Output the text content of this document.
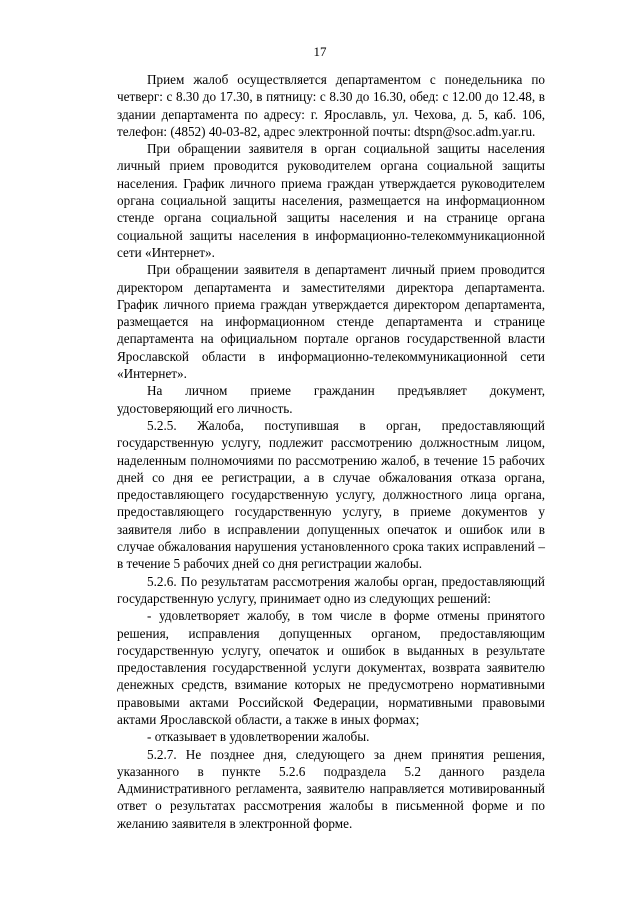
17

Прием жалоб осуществляется департаментом с понедельника по четверг: с 8.30 до 17.30, в пятницу: с 8.30 до 16.30, обед: с 12.00 до 12.48, в здании департамента по адресу: г. Ярославль, ул. Чехова, д. 5, каб. 106, телефон: (4852) 40-03-82, адрес электронной почты: dtspn@soc.adm.yar.ru.

При обращении заявителя в орган социальной защиты населения личный прием проводится руководителем органа социальной защиты населения. График личного приема граждан утверждается руководителем органа социальной защиты населения, размещается на информационном стенде органа социальной защиты населения и на странице органа социальной защиты населения в информационно-телекоммуникационной сети «Интернет».

При обращении заявителя в департамент личный прием проводится директором департамента и заместителями директора департамента. График личного приема граждан утверждается директором департамента, размещается на информационном стенде департамента и странице департамента на официальном портале органов государственной власти Ярославской области в информационно-телекоммуникационной сети «Интернет».

На личном приеме гражданин предъявляет документ, удостоверяющий его личность.

5.2.5. Жалоба, поступившая в орган, предоставляющий государственную услугу, подлежит рассмотрению должностным лицом, наделенным полномочиями по рассмотрению жалоб, в течение 15 рабочих дней со дня ее регистрации, а в случае обжалования отказа органа, предоставляющего государственную услугу, должностного лица органа, предоставляющего государственную услугу, в приеме документов у заявителя либо в исправлении допущенных опечаток и ошибок или в случае обжалования нарушения установленного срока таких исправлений – в течение 5 рабочих дней со дня регистрации жалобы.

5.2.6. По результатам рассмотрения жалобы орган, предоставляющий государственную услугу, принимает одно из следующих решений:

- удовлетворяет жалобу, в том числе в форме отмены принятого решения, исправления допущенных органом, предоставляющим государственную услугу, опечаток и ошибок в выданных в результате предоставления государственной услуги документах, возврата заявителю денежных средств, взимание которых не предусмотрено нормативными правовыми актами Российской Федерации, нормативными правовыми актами Ярославской области, а также в иных формах;

- отказывает в удовлетворении жалобы.

5.2.7. Не позднее дня, следующего за днем принятия решения, указанного в пункте 5.2.6 подраздела 5.2 данного раздела Административного регламента, заявителю направляется мотивированный ответ о результатах рассмотрения жалобы в письменной форме и по желанию заявителя в электронной форме.
